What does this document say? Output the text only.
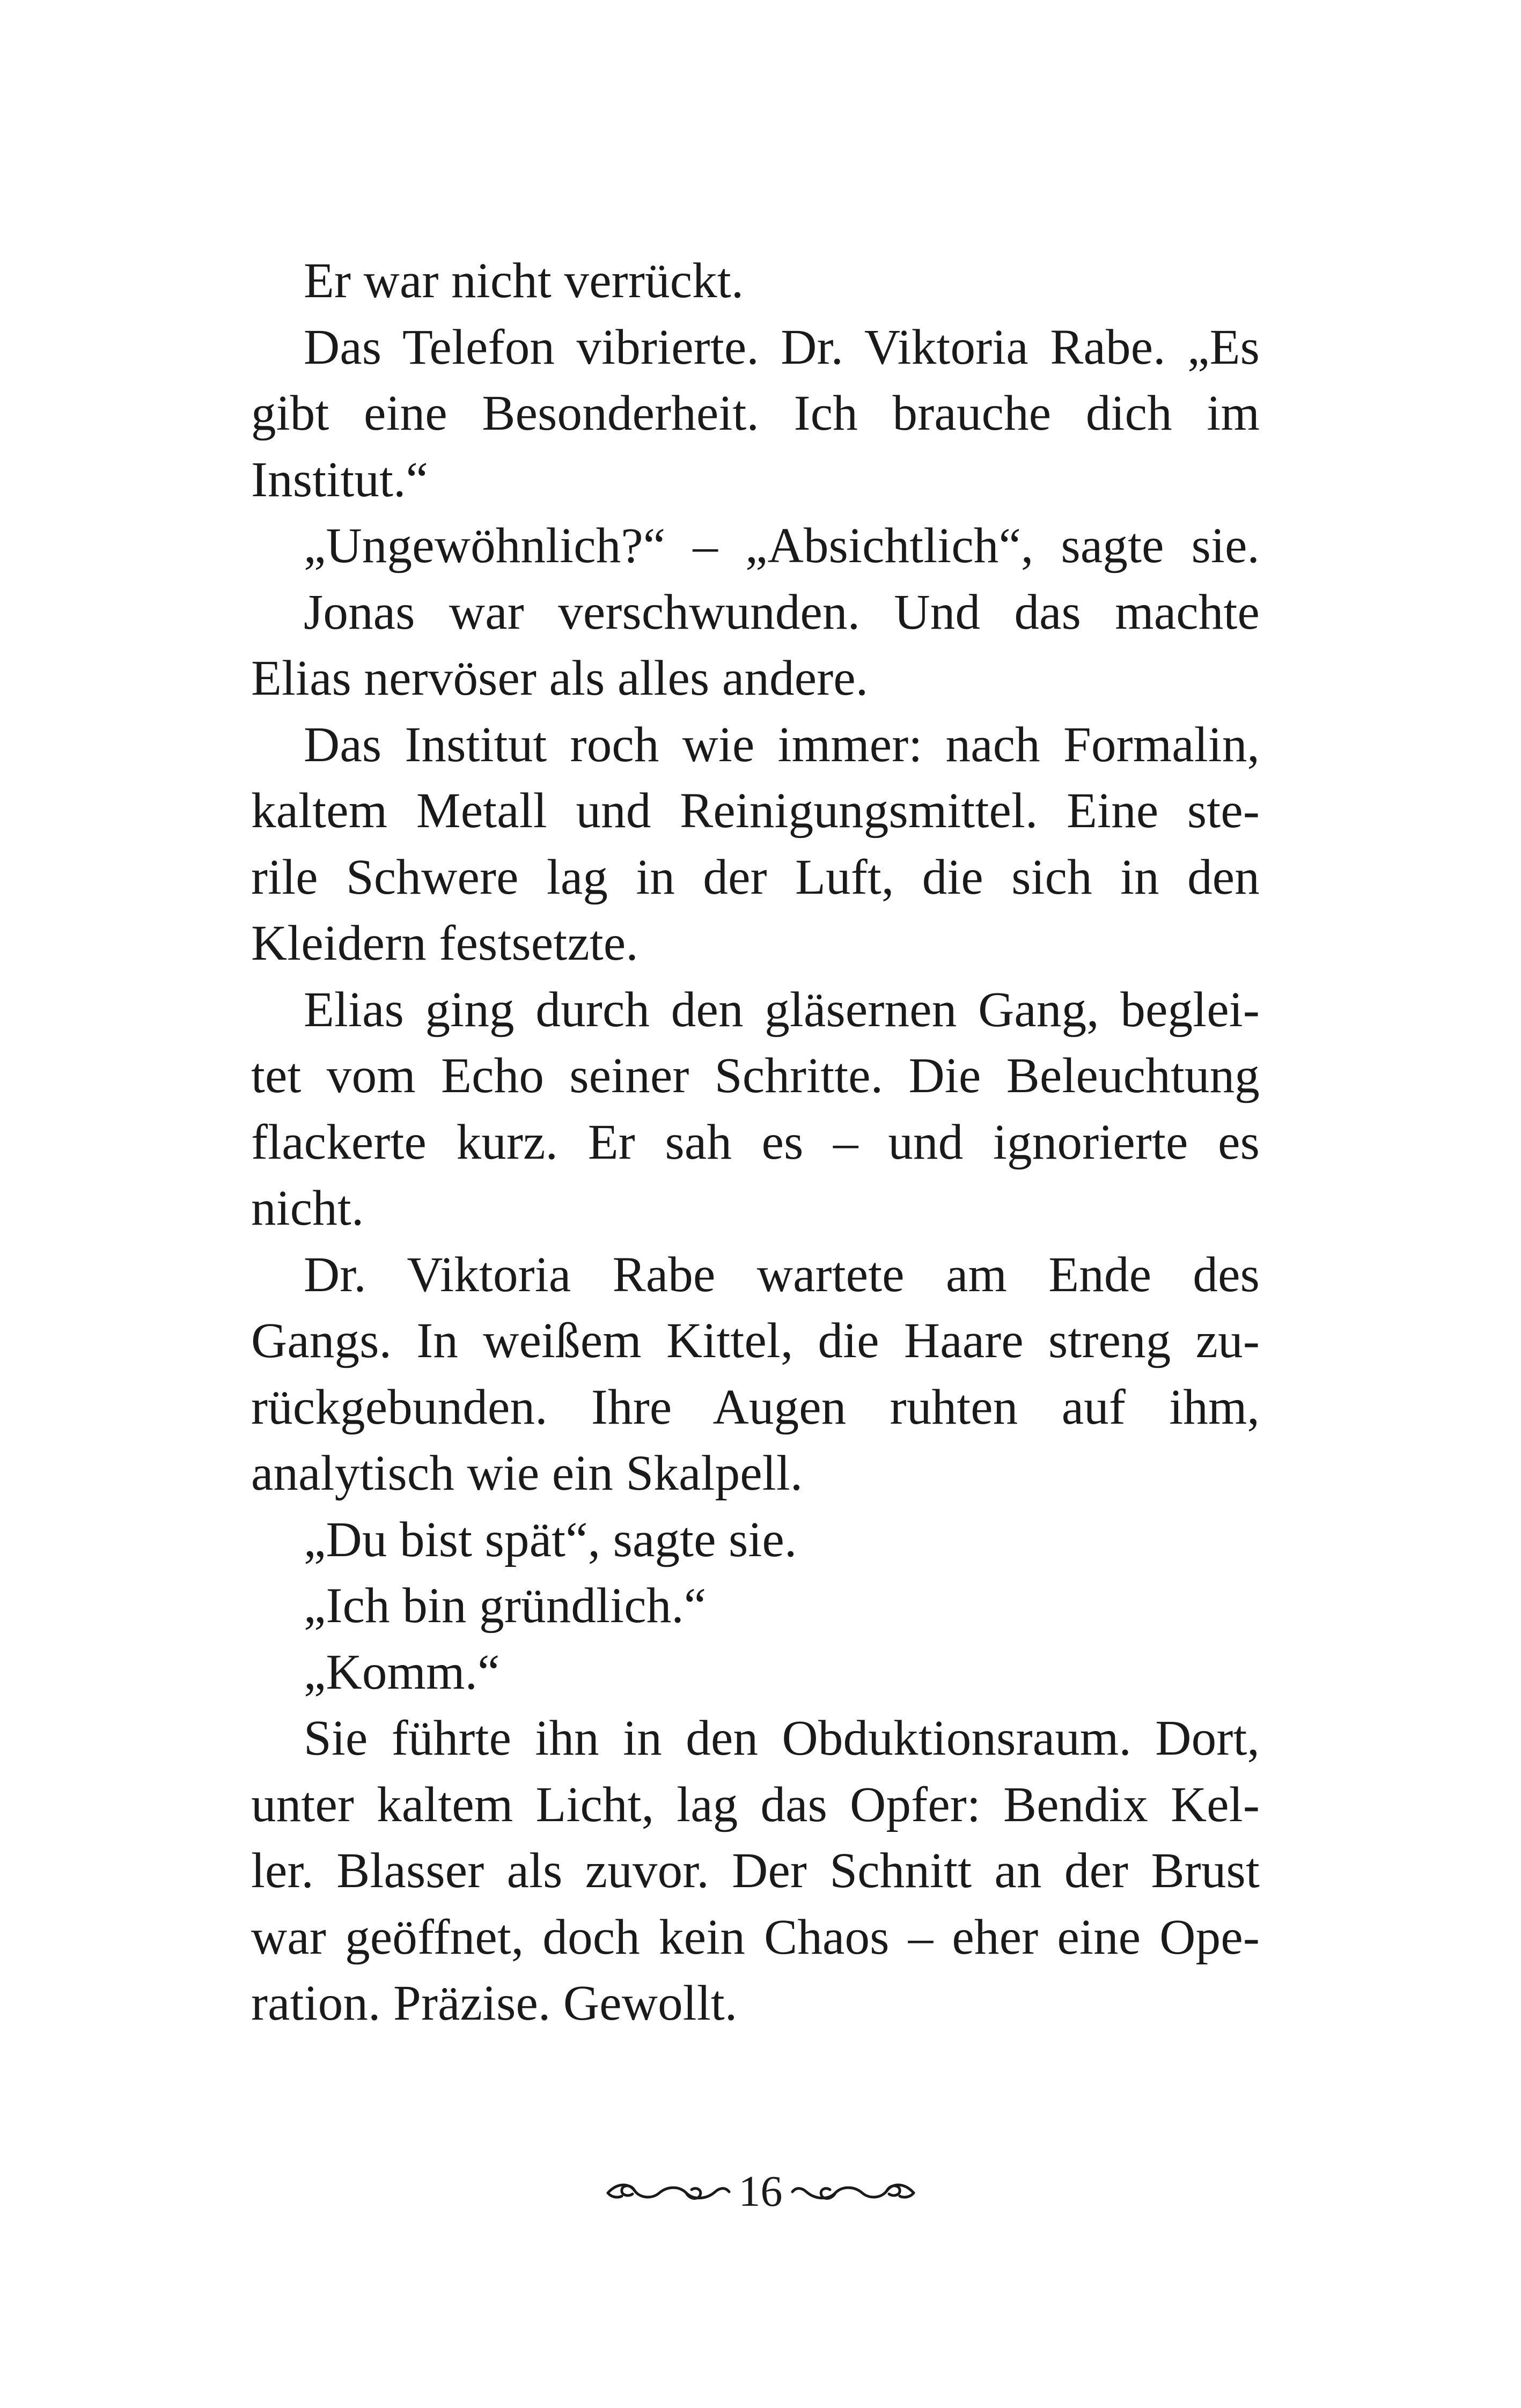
Er war nicht verrückt.
Das Telefon vibrierte. Dr. Viktoria Rabe. „Es
gibt eine Besonderheit. Ich brauche dich im
Institut.“
„Ungewöhnlich?“ – „Absichtlich“, sagte sie.
Jonas war verschwunden. Und das machte
Elias nervöser als alles andere.
Das Institut roch wie immer: nach Formalin,
kaltem Metall und Reinigungsmittel. Eine ste-
rile Schwere lag in der Luft, die sich in den
Kleidern festsetzte.
Elias ging durch den gläsernen Gang, beglei-
tet vom Echo seiner Schritte. Die Beleuchtung
flackerte kurz. Er sah es – und ignorierte es
nicht.
Dr. Viktoria Rabe wartete am Ende des
Gangs. In weißem Kittel, die Haare streng zu-
rückgebunden. Ihre Augen ruhten auf ihm,
analytisch wie ein Skalpell.
„Du bist spät“, sagte sie.
„Ich bin gründlich.“
„Komm.“
Sie führte ihn in den Obduktionsraum. Dort,
unter kaltem Licht, lag das Opfer: Bendix Kel-
ler. Blasser als zuvor. Der Schnitt an der Brust
war geöffnet, doch kein Chaos – eher eine Ope-
ration. Präzise. Gewollt.
16
